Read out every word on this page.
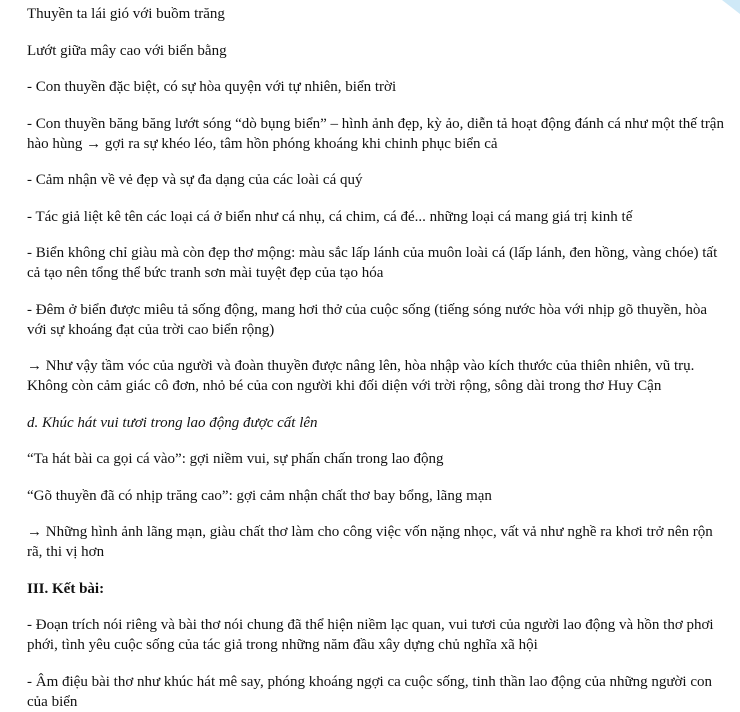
Thuyền ta lái gió với buồm trăng

Lướt giữa mây cao với biển bằng

- Con thuyền đặc biệt, có sự hòa quyện với tự nhiên, biển trời

- Con thuyền băng băng lướt sóng “dò bụng biển” – hình ảnh đẹp, kỳ ảo, diễn tả hoạt động đánh cá như một thế trận hào hùng → gợi ra sự khéo léo, tâm hồn phóng khoáng khi chinh phục biển cả

- Cảm nhận về vẻ đẹp và sự đa dạng của các loài cá quý

- Tác giả liệt kê tên các loại cá ở biển như cá nhụ, cá chim, cá đé... những loại cá mang giá trị kinh tế

- Biển không chỉ giàu mà còn đẹp thơ mộng: màu sắc lấp lánh của muôn loài cá (lấp lánh, đen hồng, vàng chóe) tất cả tạo nên tổng thể bức tranh sơn mài tuyệt đẹp của tạo hóa

- Đêm ở biển được miêu tả sống động, mang hơi thở của cuộc sống (tiếng sóng nước hòa với nhịp gõ thuyền, hòa với sự khoáng đạt của trời cao biển rộng)

→ Như vậy tầm vóc của người và đoàn thuyền được nâng lên, hòa nhập vào kích thước của thiên nhiên, vũ trụ. Không còn cảm giác cô đơn, nhỏ bé của con người khi đối diện với trời rộng, sông dài trong thơ Huy Cận

d. Khúc hát vui tươi trong lao động được cất lên

“Ta hát bài ca gọi cá vào”: gợi niềm vui, sự phấn chấn trong lao động

“Gõ thuyền đã có nhịp trăng cao”: gợi cảm nhận chất thơ bay bổng, lãng mạn

→ Những hình ảnh lãng mạn, giàu chất thơ làm cho công việc vốn nặng nhọc, vất vả như nghề ra khơi trở nên rộn rã, thi vị hơn

III. Kết bài:

- Đoạn trích nói riêng và bài thơ nói chung đã thể hiện niềm lạc quan, vui tươi của người lao động và hồn thơ phơi phới, tình yêu cuộc sống của tác giả trong những năm đầu xây dựng chủ nghĩa xã hội

- Âm điệu bài thơ như khúc hát mê say, phóng khoáng ngợi ca cuộc sống, tinh thần lao động của những người con của biển
